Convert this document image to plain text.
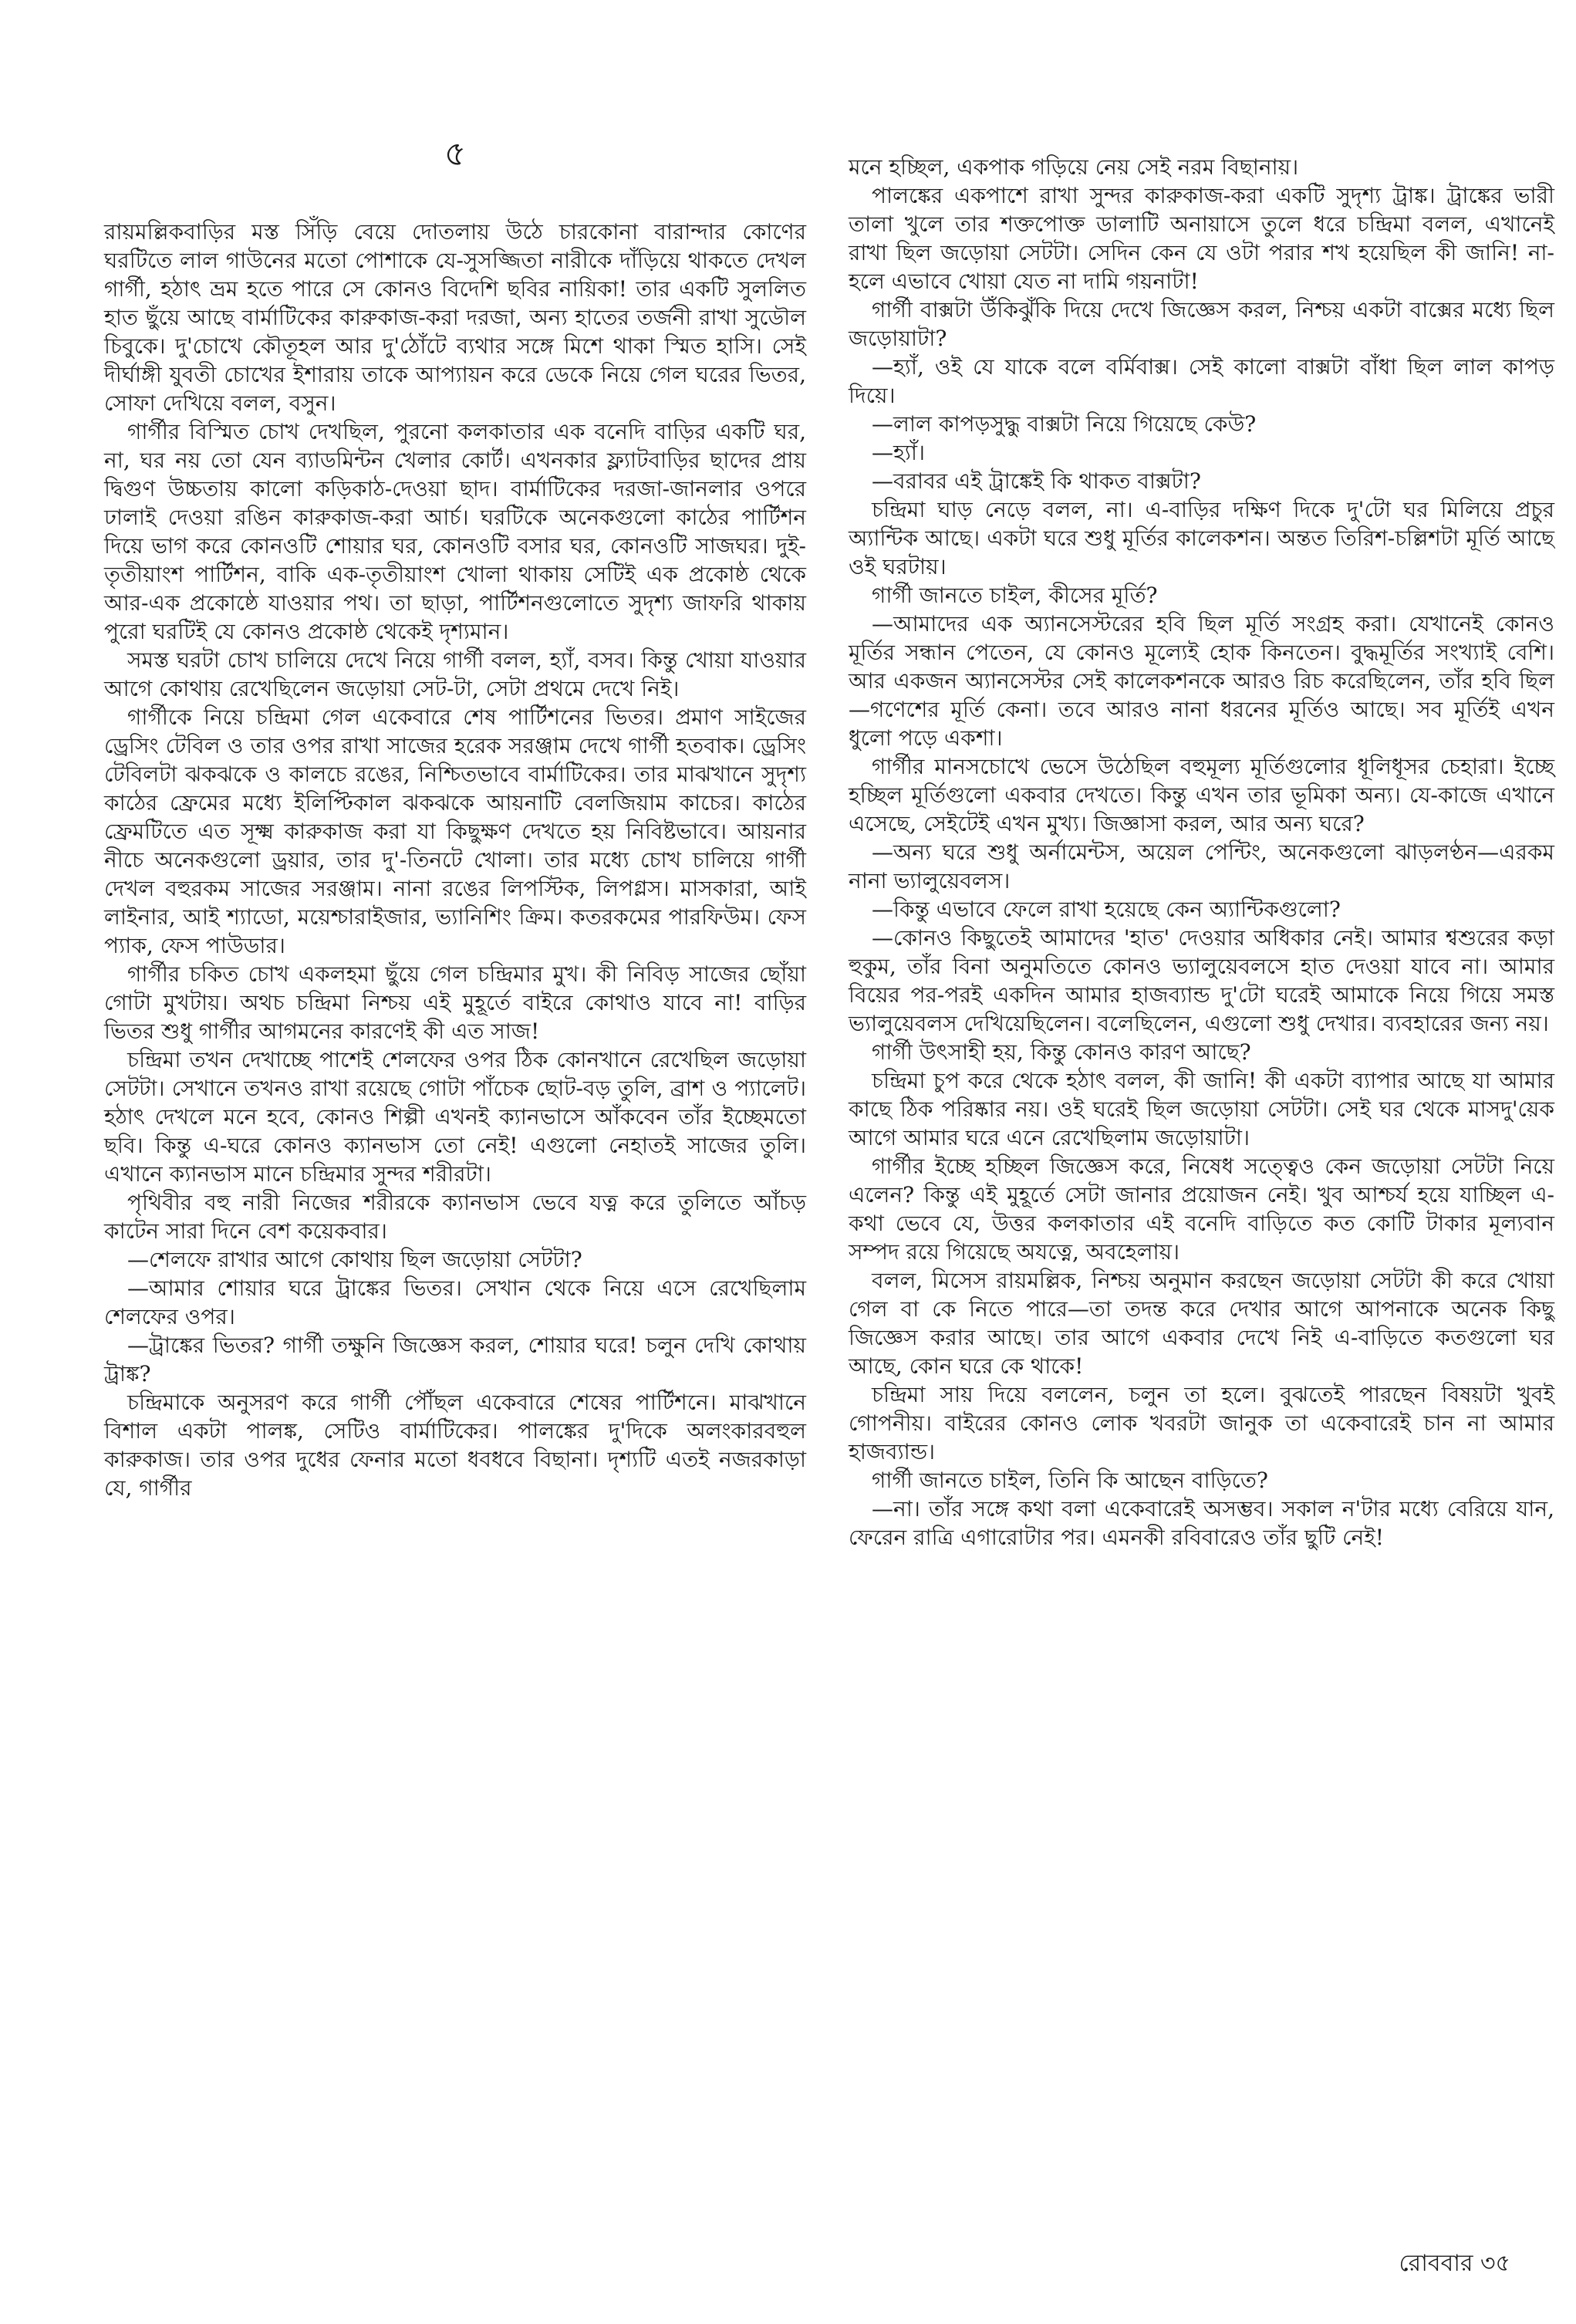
৫

রায়মল্লিকবাড়ির মস্ত সিঁড়ি বেয়ে দোতলায় উঠে চারকোনা বারান্দার কোণের ঘরটিতে লাল গাউনের মতো পোশাকে যে-সুসজ্জিতা নারীকে দাঁড়িয়ে থাকতে দেখল গার্গী, হঠাৎ ভ্রম হতে পারে সে কোনও বিদেশি ছবির নায়িকা! তার একটি সুললিত হাত ছুঁয়ে আছে বার্মাটিকের কারুকাজ-করা দরজা, অন্য হাতের তর্জনী রাখা সুডৌল চিবুকে। দু'চোখে কৌতূহল আর দু'ঠোঁটে ব্যথার সঙ্গে মিশে থাকা স্মিত হাসি। সেই দীর্ঘাঙ্গী যুবতী চোখের ইশারায় তাকে আপ্যায়ন করে ডেকে নিয়ে গেল ঘরের ভিতর, সোফা দেখিয়ে বলল, বসুন।

গার্গীর বিস্মিত চোখ দেখছিল, পুরনো কলকাতার এক বনেদি বাড়ির একটি ঘর, না, ঘর নয় তো যেন ব্যাডমিন্টন খেলার কোর্ট। এখনকার ফ্ল্যাটবাড়ির ছাদের প্রায় দ্বিগুণ উচ্চতায় কালো কড়িকাঠ-দেওয়া ছাদ। বার্মাটিকের দরজা-জানলার ওপরে ঢালাই দেওয়া রঙিন কারুকাজ-করা আর্চ। ঘরটিকে অনেকগুলো কাঠের পার্টিশন দিয়ে ভাগ করে কোনওটি শোয়ার ঘর, কোনওটি বসার ঘর, কোনওটি সাজঘর। দুই-তৃতীয়াংশ পার্টিশন, বাকি এক-তৃতীয়াংশ খোলা থাকায় সেটিই এক প্রকোষ্ঠ থেকে আর-এক প্রকোষ্ঠে যাওয়ার পথ। তা ছাড়া, পার্টিশনগুলোতে সুদৃশ্য জাফরি থাকায় পুরো ঘরটিই যে কোনও প্রকোষ্ঠ থেকেই দৃশ্যমান।

সমস্ত ঘরটা চোখ চালিয়ে দেখে নিয়ে গার্গী বলল, হ্যাঁ, বসব। কিন্তু খোয়া যাওয়ার আগে কোথায় রেখেছিলেন জড়োয়া সেট-টা, সেটা প্রথমে দেখে নিই।

গার্গীকে নিয়ে চন্দ্রিমা গেল একেবারে শেষ পার্টিশনের ভিতর। প্রমাণ সাইজের ড্রেসিং টেবিল ও তার ওপর রাখা সাজের হরেক সরঞ্জাম দেখে গার্গী হতবাক। ড্রেসিং টেবিলটা ঝকঝকে ও কালচে রঙের, নিশ্চিতভাবে বার্মাটিকের। তার মাঝখানে সুদৃশ্য কাঠের ফ্রেমের মধ্যে ইলিপ্টিকাল ঝকঝকে আয়নাটি বেলজিয়াম কাচের। কাঠের ফ্রেমটিতে এত সূক্ষ্ম কারুকাজ করা যা কিছুক্ষণ দেখতে হয় নিবিষ্টভাবে। আয়নার নীচে অনেকগুলো ড্রয়ার, তার দু'-তিনটে খোলা। তার মধ্যে চোখ চালিয়ে গার্গী দেখল বহুরকম সাজের সরঞ্জাম। নানা রঙের লিপস্টিক, লিপগ্লস। মাসকারা, আই লাইনার, আই শ্যাডো, ময়েশ্চারাইজার, ভ্যানিশিং ক্রিম। কতরকমের পারফিউম। ফেস প্যাক, ফেস পাউডার।

গার্গীর চকিত চোখ একলহমা ছুঁয়ে গেল চন্দ্রিমার মুখ। কী নিবিড় সাজের ছোঁয়া গোটা মুখটায়। অথচ চন্দ্রিমা নিশ্চয় এই মুহূর্তে বাইরে কোথাও যাবে না! বাড়ির ভিতর শুধু গার্গীর আগমনের কারণেই কী এত সাজ!

চন্দ্রিমা তখন দেখাচ্ছে পাশেই শেলফের ওপর ঠিক কোনখানে রেখেছিল জড়োয়া সেটটা। সেখানে তখনও রাখা রয়েছে গোটা পাঁচেক ছোট-বড় তুলি, ব্রাশ ও প্যালেট। হঠাৎ দেখলে মনে হবে, কোনও শিল্পী এখনই ক্যানভাসে আঁকবেন তাঁর ইচ্ছেমতো ছবি। কিন্তু এ-ঘরে কোনও ক্যানভাস তো নেই! এগুলো নেহাতই সাজের তুলি। এখানে ক্যানভাস মানে চন্দ্রিমার সুন্দর শরীরটা।

পৃথিবীর বহু নারী নিজের শরীরকে ক্যানভাস ভেবে যত্ন করে তুলিতে আঁচড় কাটেন সারা দিনে বেশ কয়েকবার।

—শেলফে রাখার আগে কোথায় ছিল জড়োয়া সেটটা?

—আমার শোয়ার ঘরে ট্রাঙ্কের ভিতর। সেখান থেকে নিয়ে এসে রেখেছিলাম শেলফের ওপর।

—ট্রাঙ্কের ভিতর? গার্গী তক্ষুনি জিজ্ঞেস করল, শোয়ার ঘরে! চলুন দেখি কোথায় ট্রাঙ্ক?

চন্দ্রিমাকে অনুসরণ করে গার্গী পৌঁছল একেবারে শেষের পার্টিশনে। মাঝখানে বিশাল একটা পালঙ্ক, সেটিও বার্মাটিকের। পালঙ্কের দু'দিকে অলংকারবহুল কারুকাজ। তার ওপর দুধের ফেনার মতো ধবধবে বিছানা। দৃশ্যটি এতই নজরকাড়া যে, গার্গীর

মনে হচ্ছিল, একপাক গড়িয়ে নেয় সেই নরম বিছানায়।

পালঙ্কের একপাশে রাখা সুন্দর কারুকাজ-করা একটি সুদৃশ্য ট্রাঙ্ক। ট্রাঙ্কের ভারী তালা খুলে তার শক্তপোক্ত ডালাটি অনায়াসে তুলে ধরে চন্দ্রিমা বলল, এখানেই রাখা ছিল জড়োয়া সেটটা। সেদিন কেন যে ওটা পরার শখ হয়েছিল কী জানি! না-হলে এভাবে খোয়া যেত না দামি গয়নাটা!

গার্গী বাক্সটা উঁকিঝুঁকি দিয়ে দেখে জিজ্ঞেস করল, নিশ্চয় একটা বাক্সের মধ্যে ছিল জড়োয়াটা?

—হ্যাঁ, ওই যে যাকে বলে বর্মিবাক্স। সেই কালো বাক্সটা বাঁধা ছিল লাল কাপড় দিয়ে।

—লাল কাপড়সুদ্ধু বাক্সটা নিয়ে গিয়েছে কেউ?

—হ্যাঁ।

—বরাবর এই ট্রাঙ্কেই কি থাকত বাক্সটা?

চন্দ্রিমা ঘাড় নেড়ে বলল, না। এ-বাড়ির দক্ষিণ দিকে দু'টো ঘর মিলিয়ে প্রচুর অ্যান্টিক আছে। একটা ঘরে শুধু মূর্তির কালেকশন। অন্তত তিরিশ-চল্লিশটা মূর্তি আছে ওই ঘরটায়।

গার্গী জানতে চাইল, কীসের মূর্তি?

—আমাদের এক অ্যানসেস্টরের হবি ছিল মূর্তি সংগ্রহ করা। যেখানেই কোনও মূর্তির সন্ধান পেতেন, যে কোনও মূল্যেই হোক কিনতেন। বুদ্ধমূর্তির সংখ্যাই বেশি। আর একজন অ্যানসেস্টর সেই কালেকশনকে আরও রিচ করেছিলেন, তাঁর হবি ছিল—গণেশের মূর্তি কেনা। তবে আরও নানা ধরনের মূর্তিও আছে। সব মূর্তিই এখন ধুলো পড়ে একশা।

গার্গীর মানসচোখে ভেসে উঠেছিল বহুমূল্য মূর্তিগুলোর ধূলিধূসর চেহারা। ইচ্ছে হচ্ছিল মূর্তিগুলো একবার দেখতে। কিন্তু এখন তার ভূমিকা অন্য। যে-কাজে এখানে এসেছে, সেইটেই এখন মুখ্য। জিজ্ঞাসা করল, আর অন্য ঘরে?

—অন্য ঘরে শুধু অর্নামেন্টস, অয়েল পেন্টিং, অনেকগুলো ঝাড়লণ্ঠন—এরকম নানা ভ্যালুয়েবলস।

—কিন্তু এভাবে ফেলে রাখা হয়েছে কেন অ্যান্টিকগুলো?

—কোনও কিছুতেই আমাদের 'হাত' দেওয়ার অধিকার নেই। আমার শ্বশুরের কড়া হুকুম, তাঁর বিনা অনুমতিতে কোনও ভ্যালুয়েবলসে হাত দেওয়া যাবে না। আমার বিয়ের পর-পরই একদিন আমার হাজব্যান্ড দু'টো ঘরেই আমাকে নিয়ে গিয়ে সমস্ত ভ্যালুয়েবলস দেখিয়েছিলেন। বলেছিলেন, এগুলো শুধু দেখার। ব্যবহারের জন্য নয়।

গার্গী উৎসাহী হয়, কিন্তু কোনও কারণ আছে?

চন্দ্রিমা চুপ করে থেকে হঠাৎ বলল, কী জানি! কী একটা ব্যাপার আছে যা আমার কাছে ঠিক পরিষ্কার নয়। ওই ঘরেই ছিল জড়োয়া সেটটা। সেই ঘর থেকে মাসদু'য়েক আগে আমার ঘরে এনে রেখেছিলাম জড়োয়াটা।

গার্গীর ইচ্ছে হচ্ছিল জিজ্ঞেস করে, নিষেধ সত্ত্বেও কেন জড়োয়া সেটটা নিয়ে এলেন? কিন্তু এই মুহূর্তে সেটা জানার প্রয়োজন নেই। খুব আশ্চর্য হয়ে যাচ্ছিল এ-কথা ভেবে যে, উত্তর কলকাতার এই বনেদি বাড়িতে কত কোটি টাকার মূল্যবান সম্পদ রয়ে গিয়েছে অযত্নে, অবহেলায়।

বলল, মিসেস রায়মল্লিক, নিশ্চয় অনুমান করছেন জড়োয়া সেটটা কী করে খোয়া গেল বা কে নিতে পারে—তা তদন্ত করে দেখার আগে আপনাকে অনেক কিছু জিজ্ঞেস করার আছে। তার আগে একবার দেখে নিই এ-বাড়িতে কতগুলো ঘর আছে, কোন ঘরে কে থাকে!

চন্দ্রিমা সায় দিয়ে বললেন, চলুন তা হলে। বুঝতেই পারছেন বিষয়টা খুবই গোপনীয়। বাইরের কোনও লোক খবরটা জানুক তা একেবারেই চান না আমার হাজব্যান্ড।

গার্গী জানতে চাইল, তিনি কি আছেন বাড়িতে?

—না। তাঁর সঙ্গে কথা বলা একেবারেই অসম্ভব। সকাল ন'টার মধ্যে বেরিয়ে যান, ফেরেন রাত্রি এগারোটার পর। এমনকী রবিবারেও তাঁর ছুটি নেই!

রোববার ৩৫
